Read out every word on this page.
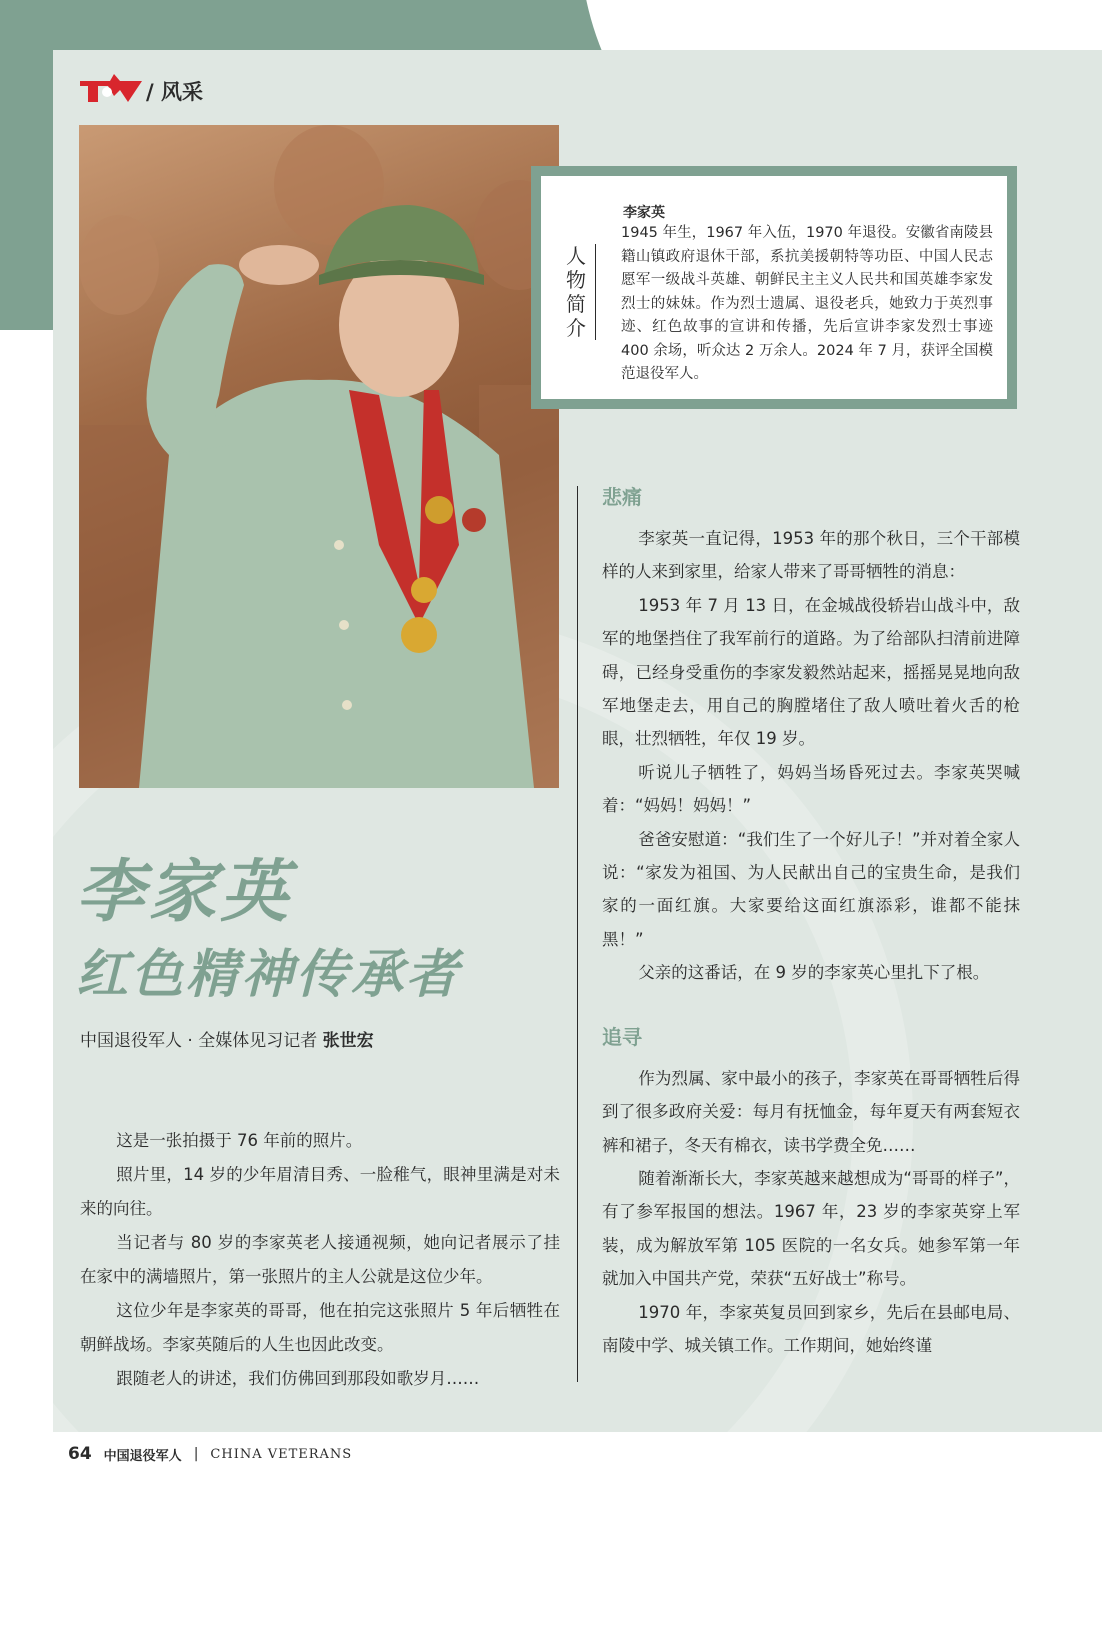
/ 风采
人物简介
李家英

1945 年生，1967 年入伍，1970 年退役。安徽省南陵县籍山镇政府退休干部，系抗美援朝特等功臣、中国人民志愿军一级战斗英雄、朝鲜民主主义人民共和国英雄李家发烈士的妹妹。作为烈士遗属、退役老兵，她致力于英烈事迹、红色故事的宣讲和传播，先后宣讲李家发烈士事迹 400 余场，听众达 2 万余人。2024 年 7 月，获评全国模范退役军人。

李家英
红色精神传承者
中国退役军人 · 全媒体见习记者 张世宏

这是一张拍摄于 76 年前的照片。

照片里，14 岁的少年眉清目秀、一脸稚气，眼神里满是对未来的向往。

当记者与 80 岁的李家英老人接通视频，她向记者展示了挂在家中的满墙照片，第一张照片的主人公就是这位少年。

这位少年是李家英的哥哥，他在拍完这张照片 5 年后牺牲在朝鲜战场。李家英随后的人生也因此改变。

跟随老人的讲述，我们仿佛回到那段如歌岁月……

悲痛

李家英一直记得，1953 年的那个秋日，三个干部模样的人来到家里，给家人带来了哥哥牺牲的消息：

1953 年 7 月 13 日，在金城战役轿岩山战斗中，敌军的地堡挡住了我军前行的道路。为了给部队扫清前进障碍，已经身受重伤的李家发毅然站起来，摇摇晃晃地向敌军地堡走去，用自己的胸膛堵住了敌人喷吐着火舌的枪眼，壮烈牺牲，年仅 19 岁。

听说儿子牺牲了，妈妈当场昏死过去。李家英哭喊着：“妈妈！妈妈！”

爸爸安慰道：“我们生了一个好儿子！”并对着全家人说：“家发为祖国、为人民献出自己的宝贵生命，是我们家的一面红旗。大家要给这面红旗添彩，谁都不能抹黑！”

父亲的这番话，在 9 岁的李家英心里扎下了根。

追寻

作为烈属、家中最小的孩子，李家英在哥哥牺牲后得到了很多政府关爱：每月有抚恤金，每年夏天有两套短衣裤和裙子，冬天有棉衣，读书学费全免……

随着渐渐长大，李家英越来越想成为“哥哥的样子”，有了参军报国的想法。1967 年，23 岁的李家英穿上军装，成为解放军第 105 医院的一名女兵。她参军第一年就加入中国共产党，荣获“五好战士”称号。

1970 年，李家英复员回到家乡，先后在县邮电局、南陵中学、城关镇工作。工作期间，她始终谨

64 中国退役军人 | CHINA VETERANS
